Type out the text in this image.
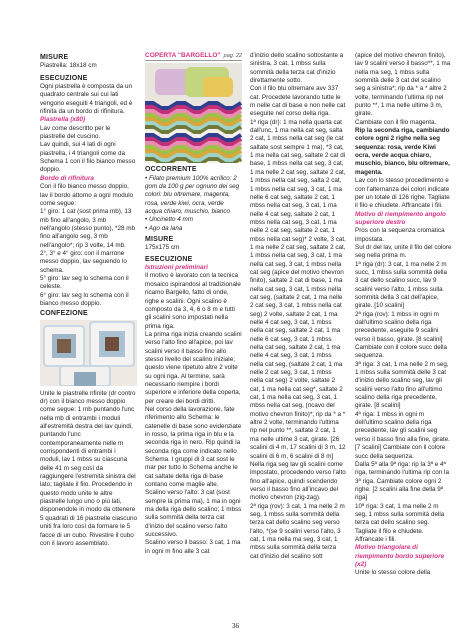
MISURE

Piastrella: 18x18 cm

ESECUZIONE

Ogni piastrella è composta da un quadrato centrale sui cui lati vengono eseguiti 4 triangoli, ed è rifinita da un bordo di rifinitura.

Piastrella (x80)

Lav come descritto per le piastrelle del cuscino.

Lav quindi, sui 4 lati di ogni piastrella, i 4 triangoli come da Schema 1 con il filo bianco messo doppio.

Bordo di rifinitura

Con il filo bianco messo doppio, lav il bordo attorno a ogni modulo come segue:

1° giro: 1 cat (sost prima mb), 13 mb fino all'angolo, 3 mb nell'angolo (stesso punto), *28 mb fino all'angolo seg, 3 mb nell'angolo*; rip 3 volte, 14 mb.

2°, 3° e 4° giro: con il marrone messo doppio, lav seguendo lo schema.

5° giro: lav seg lo schema con il celeste.

6° giro: lav seg lo schema con il bianco messo doppio.

CONFEZIONE

Unite le piastrelle rifinite (dr contro dr) con il bianco messo doppio come segue: 1 mb puntando l'unc nella mb di entrambi i moduli all'estremità destra del lav quindi, puntando l'unc contemporaneamente nelle m corrispondenti di entrambi i moduli, lav 1 mbss su ciascuna delle 41 m seg così da raggiungere l'estremità sinistra del lato; tagliate il filo. Procedendo in questo modo unite le altre piastrelle lungo uno o più lati, disponendole in modo da ottenere 5 quadrati di 16 piastrelle ciascuno uniti fra loro così da formare le 5 facce di un cubo. Rivestire il cubo con il lavoro assemblato.

COPERTA "BARGELLO" pag. 22
OCCORRENTE

• Filato premium 100% acrilico: 2 gom da 100 g per ognuno dei seg colori: blu oltremare, magenta, rosa, verde kiwi, ocra, verde acqua chiaro, muschio, bianco

• Uncinetto 4 mm

• Ago da lana

MISURE

175x175 cm

ESECUZIONE
Istruzioni preliminari

Il motivo è lavorato con la tecnica mosaico ispirandosi al tradizionale ricamo Bargello, fatto di onde, righe e scalini. Ogni scalino è composto da 3, 4, 6 o 8 m e tutti gli scalini sono impostati nella prima riga.

La prima riga inizia creando scalini verso l'alto fino all'apice, poi lav scalini verso il basso fino allo stesso livello del scalino iniziale; questo viene ripetuto altre 2 volte su ogni riga. Al termine, sarà necessario riempire i bordi superiore e inferiore della coperta, per creare dei bordi dritti.

Nel corso della lavorazione, fate riferimento allo Schema: le catenelle di base sono evidenziate in rosso, la prima riga in blu e la seconda riga in nero. Rip quindi la seconda riga come indicato nello Schema. I gruppi di 3 cat sost le mar per tutto lo Schema anche le cat saltate della riga di base contano come maglie alte.

Scalino verso l'alto: 3 cat (sost sempre la prima ma), 1 ma in ogni ma della riga dello scalino; 1 mbss sulla sommità della terza cat d'inizio del scalino verso l'alto successivo.

Scalino verso il basso: 3 cat, 1 ma in ogni m fino alle 3 cat

d'inizio dello scalino sottostante a sinistra, 3 cat, 1 mbss sulla sommità della terza cat d'inizio direttamente sotto.

Con il filo blu oltremare avv 337 cat. Procedete lavorando tutte le m nelle cat di base e non nelle cat eseguite nel corso della riga.

1ª riga (dr): 1 ma nella quarta cat dall'unc, 1 ma nella cat seg, salta 2 cat, 1 mbss nella cat seg (le cat saltate sost sempre 1 ma), *3 cat, 1 ma nella cat seg, saltate 2 cat di base, 1 mbss nella cat seg, 3 cat, 1 ma nelle 2 cat seg, saltate 2 cat, 1 mbss nella cat seg, salta 2 cat, 1 mbss nella cat seg, 3 cat, 1 ma nelle 6 cat seg, saltate 2 cat, 1 mbss nella cat seg, 3 cat, 1 ma nelle 4 cat seg, saltate 2 cat, 1 mbss nella cat seg, 3 cat, 1 ma nelle 2 cat seg, saltate 2 cat, 1 mbss nella cat seg)* 2 volte, 3 cat, 1 ma nelle 2 cat seg, saltate 2 cat, 1 mbss nella cat seg, 3 cat, 1 ma nella cat seg, 3 cat, 1 mbss nella cat seg (apice del motivo chevron finito), saltate 2 cat di base, 1 ma nella cat seg, 3 cat, 1 mbss nella cat seg, (saltate 2 cat, 1 ma nelle 2 cat seg, 3 cat, 1 mbss nella cat seg) 2 volte, saltate 2 cat, 1 ma nelle 4 cat seg, 3 cat, 1 mbss nella cat seg, saltate 2 cat, 1 ma nelle 6 cat seg, 3 cat, 1 mbss nella cat seg, saltate 2 cat, 1 ma nelle 4 cat seg, 3 cat, 1 mbss nella cat seg, (saltate 2 cat, 1 ma nelle 2 cat seg, 3 cat, 1 mbss nella cat seg) 2 volte, saltate 2 cat, 1 ma nella cat seg*, saltate 2 cat, 1 ma nella cat seg, 3 cat, 1 mbss nella cat seg, (ncavo del motivo chevron finito)*; rip da * a * altre 2 volte, terminando l'ultima rip nel punto **, saltate 2 cat, 1 ma nelle ultime 3 cat, girate. [26 scalini di 4 m, 17 scalini di 3 m, 12 scalini di 6 m, 6 scalini di 8 m]

Nella riga seg lav gli scalini come impostato, procedendo verso l'alto fino all'apice, quindi scendendo verso il basso fino all'incavo del motivo chevron (zig-zag).

2ª riga (rov): 3 cat, 1 ma nelle 2 m seg, 1 mbss sulla sommità della terza cat dello scalino seg verso l'alto, *(se 9 scalini verso l'alto, 3 cat, 1 ma nella ma seg, 3 cat, 1 mbss sulla sommità della terza cat d'inizio del scalino sott

(apice del motivo chevron finito), lav 9 scalini verso il basso**, 1 ma nella ma seg, 1 mbss sulla sommità delle 3 cat del scalino seg a sinistra*; rip da * a * altre 2 volte, terminando l'ultima rip nel punto **, 1 ma nelle ultime 3 m, girate.

Cambiate con il filo magenta.

Rip la seconda riga, cambiando colore ogni 2 righe nella seg sequenza: rosa, verde Kiwi ocra, verde acqua chiaro, muschio, bianco, blu oltremare, magenta.

Lav con lo stesso procedimento e con l'alternanza dei colori indicate per un totale di 126 righe. Tagliate il filo e chiudete. Affrancate i fili.

Motivo di riempimento angolo superiore destro

Pros con la sequenza cromatica impostata.

Sul dr del lav, unite il filo del colore seg nella prima m.

1ª riga (dr): 3 cat, 1 ma nelle 2 m succ, 1 mbss sulla sommità della 3 cat dello scalino succ, lav 9 scalini verso l'alto, 1 mbss sulla sommità della 3 cat dell'apice, girate. [10 scalini]

2ª riga (rov): 1 mbss in ogni m dall'ultimo scalino della riga precedente, eseguite 9 scalini verso il basso, girate. [8 scalini]

Cambiate con il colore succ della sequenza.

3ª riga: 3 cat, 1 ma nelle 2 m seg, 1 mbss sulla sommità delle 3 cat d'inizio dello scalino seg, lav gli scalini verso l'alto fino all'ultimo scalino della riga precedente, girate. [8 scalini]

4ª riga: 1 mbss in ogni m dell'ultimo scalino della riga precedente, lav gli scalini seg verso il basso fino alla fine, girate. [7 scalini] Cambiate con il colore succ della sequenza.

Dalla 5ª alla 9ª riga: rip la 3ª e 4ª riga, terminando l'ultima rip con la 3ª riga. Cambiate colore ogni 2 righe. [2 scalini alla fine della 9ª riga]

10ª riga: 3 cat, 1 ma nelle 2 m seg, 1 mbss sulla sommità della terza cat dello scalino seg. Tagliate il filo e chiudete. Affrancate i fili.

Motivo triangolare di riempimento bordo superiore (x2)

Unite lo stesso colore della

36
